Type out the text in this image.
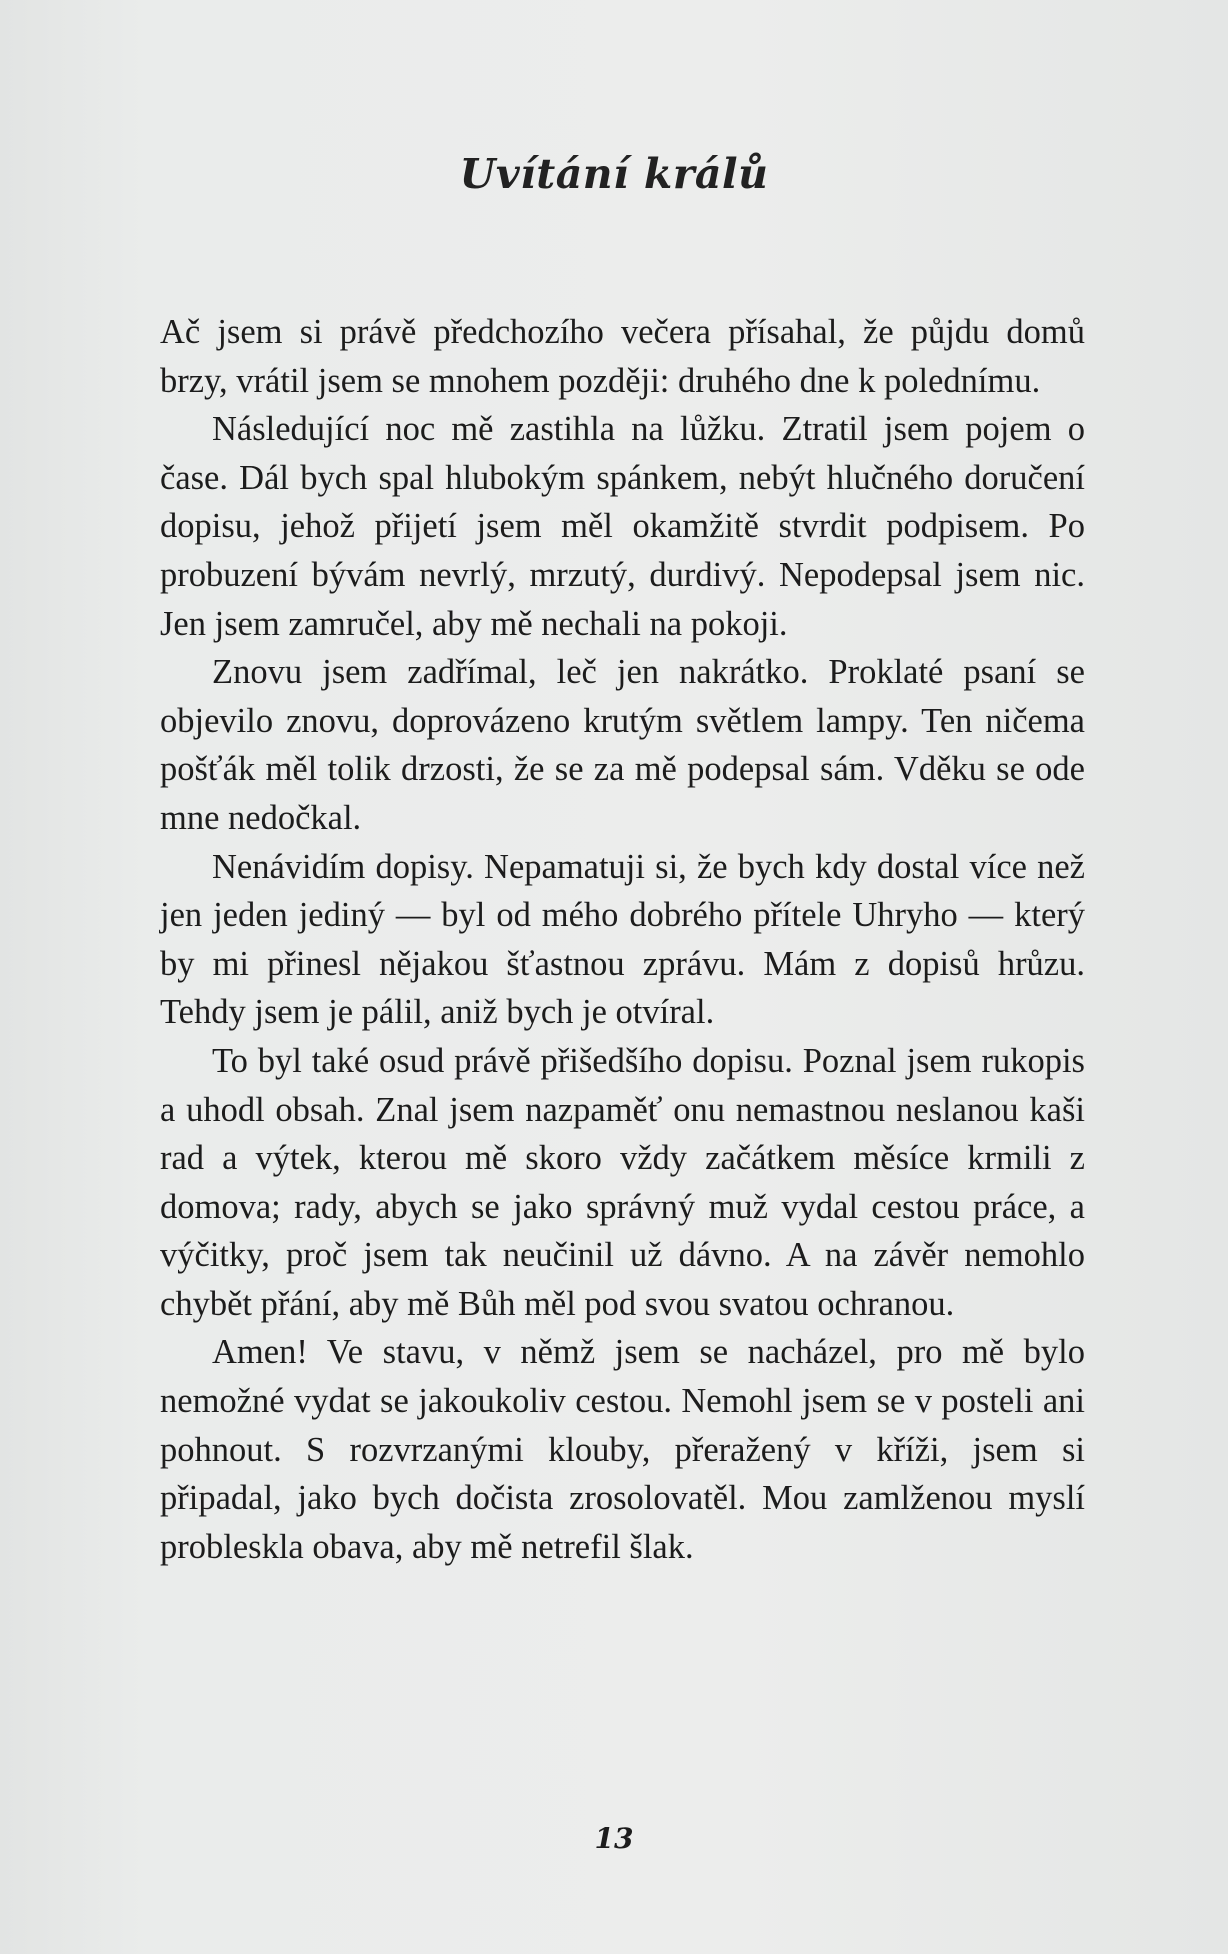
Uvítání králů

Ač jsem si právě předchozího večera přísahal, že půjdu domů brzy, vrátil jsem se mnohem později: druhého dne k polednímu.

Následující noc mě zastihla na lůžku. Ztratil jsem pojem o čase. Dál bych spal hlubokým spánkem, nebýt hlučného doručení dopisu, jehož přijetí jsem měl okamžitě stvrdit podpisem. Po probuzení bývám nevrlý, mrzutý, durdivý. Nepodepsal jsem nic. Jen jsem zamručel, aby mě nechali na pokoji.

Znovu jsem zadřímal, leč jen nakrátko. Proklaté psaní se objevilo znovu, doprovázeno krutým světlem lampy. Ten ničema pošťák měl tolik drzosti, že se za mě podepsal sám. Vděku se ode mne nedočkal.

Nenávidím dopisy. Nepamatuji si, že bych kdy dostal více než jen jeden jediný — byl od mého dobrého přítele Uhryho — který by mi přinesl nějakou šťastnou zprávu. Mám z dopisů hrůzu. Tehdy jsem je pálil, aniž bych je otvíral.

To byl také osud právě přišedšího dopisu. Poznal jsem rukopis a uhodl obsah. Znal jsem nazpaměť onu nemastnou neslanou kaši rad a výtek, kterou mě skoro vždy začátkem měsíce krmili z domova; rady, abych se jako správný muž vydal cestou práce, a výčitky, proč jsem tak neučinil už dávno. A na závěr nemohlo chybět přání, aby mě Bůh měl pod svou svatou ochranou.

Amen! Ve stavu, v němž jsem se nacházel, pro mě bylo nemožné vydat se jakoukoliv cestou. Nemohl jsem se v posteli ani pohnout. S rozvrzanými klouby, přeražený v kříži, jsem si připadal, jako bych dočista zrosolovatěl. Mou zamlženou myslí probleskla obava, aby mě netrefil šlak.

13
